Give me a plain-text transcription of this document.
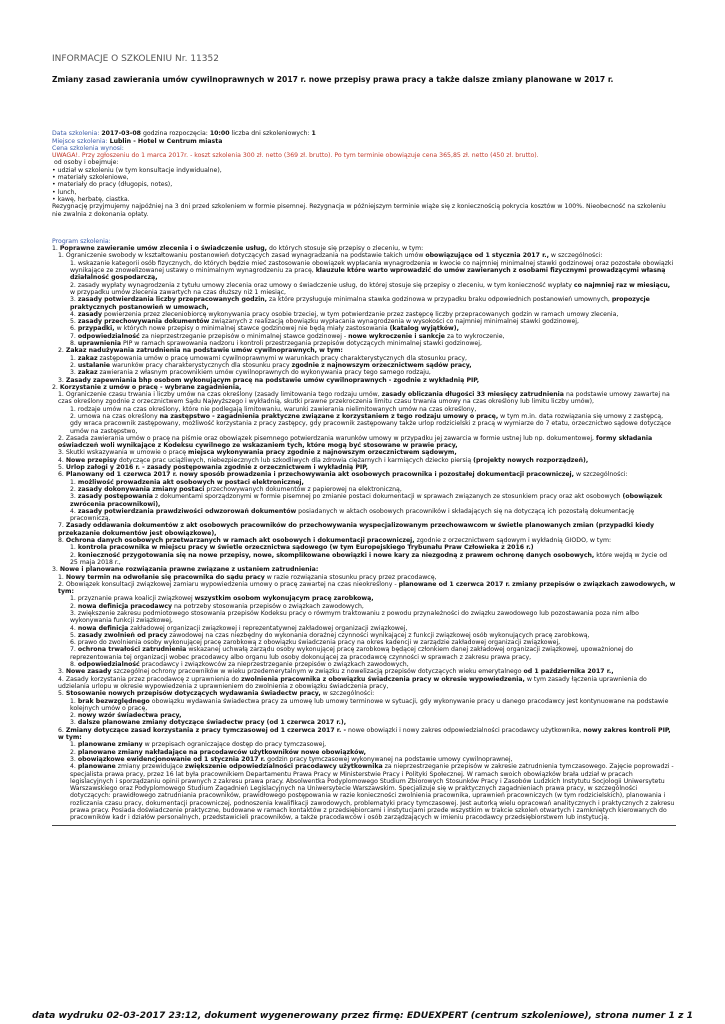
INFORMACJE O SZKOLENIU Nr. 11352
Zmiany zasad zawierania umów cywilnoprawnych w 2017 r. nowe przepisy prawa pracy a także dalsze zmiany planowane w 2017 r.
Data szkolenia: 2017-03-08 godzina rozpoczęcia: 10:00 liczba dni szkoleniowych: 1
Miejsce szkolenia: Lublin - Hotel w Centrum miasta
Cena szkolenia wynosi:
UWAGA!. Przy zgłoszeniu do 1 marca 2017r. - koszt szkolenia 300 zł. netto (369 zł. brutto). Po tym terminie obowiązuje cena 365,85 zł. netto (450 zł. brutto).
od osoby i obejmuje:
• udział w szkoleniu (w tym konsultacje indywidualne),
• materiały szkoleniowe,
• materiały do pracy (długopis, notes),
• lunch,
• kawę, herbatę, ciastka.
Rezygnację przyjmujemy najpóźniej na 3 dni przed szkoleniem w formie pisemnej. Rezygnacja w późniejszym terminie wiąże się z koniecznością pokrycia kosztów w 100%. Nieobecność na szkoleniu nie zwalnia z dokonania opłaty.
Program szkolenia:

1. Poprawne zawieranie umów zlecenia i o świadczenie usług, do których stosuje się przepisy o zleceniu, w tym:

1. Ograniczenie swobody w kształtowaniu postanowień dotyczących zasad wynagradzania na podstawie takich umów obowiązujące od 1 stycznia 2017 r., w szczególności:

1. wskazanie kategorii osób fizycznych, do których będzie mieć zastosowanie obowiązek wypłacania wynagrodzenia w kwocie co najmniej minimalnej stawki godzinowej oraz pozostałe obowiązki wynikające ze znowelizowanej ustawy o minimalnym wynagrodzeniu za pracę, klauzule które warto wprowadzić do umów zawieranych z osobami fizycznymi prowadzącymi własną działalność gospodarczą,

2. zasady wypłaty wynagrodzenia z tytułu umowy zlecenia oraz umowy o świadczenie usług, do której stosuje się przepisy o zleceniu, w tym konieczność wypłaty co najmniej raz w miesiącu, w przypadku umów zlecenia zawartych na czas dłuższy niż 1 miesiąc,

3. zasady potwierdzania liczby przepracowanych godzin, za które przysługuje minimalna stawka godzinowa w przypadku braku odpowiednich postanowień umownych, propozycje praktycznych postanowień w umowach,

4. zasady powierzenia przez zleceniobiorcę wykonywania pracy osobie trzeciej, w tym potwierdzanie przez zastępcę liczby przepracowanych godzin w ramach umowy zlecenia,

5. zasady przechowywania dokumentów związanych z realizacją obowiązku wypłacania wynagrodzenia w wysokości co najmniej minimalnej stawki godzinowej,

6. przypadki, w których nowe przepisy o minimalnej stawce godzinowej nie będą miały zastosowania (katalog wyjątków),

7. odpowiedzialność za nieprzestrzeganie przepisów o minimalnej stawce godzinowej - nowe wykroczenie i sankcje za to wykroczenie,

8. uprawnienia PIP w ramach sprawowania nadzoru i kontroli przestrzegania przepisów dotyczących minimalnej stawki godzinowej,

2. Zakaz nadużywania zatrudnienia na podstawie umów cywilnoprawnych, w tym:

1. zakaz zastępowania umów o pracę umowami cywilnoprawnymi w warunkach pracy charakterystycznych dla stosunku pracy,

2. ustalanie warunków pracy charakterystycznych dla stosunku pracy zgodnie z najnowszym orzecznictwem sądów pracy,

3. zakaz zawierania z własnym pracownikiem umów cywilnoprawnych do wykonywania pracy tego samego rodzaju,

3. Zasady zapewniania bhp osobom wykonującym pracę na podstawie umów cywilnoprawnych - zgodnie z wykładnią PIP,

2. Korzystanie z umów o pracę - wybrane zagadnienia,

1. Ograniczenie czasu trwania i liczby umów na czas określony (zasady limitowania tego rodzaju umów, zasady obliczania długości 33 miesięcy zatrudnienia na podstawie umowy zawartej na czas określony zgodnie z orzecznictwem Sądu Najwyższego i wykładnią, skutki prawne przekroczenia limitu czasu trwania umowy na czas określony lub limitu liczby umów),

1. rodzaje umów na czas określony, które nie podlegają limitowaniu, warunki zawierania nielimitowanych umów na czas określony,

2. umowa na czas określony na zastępstwo - zagadnienia praktyczne związane z korzystaniem z tego rodzaju umowy o pracę, w tym m.in. data rozwiązania się umowy z zastępcą, gdy wraca pracownik zastępowany, możliwość korzystania z pracy zastępcy, gdy pracownik zastępowany także urlop rodzicielski z pracą w wymiarze do 7 etatu, orzecznictwo sądowe dotyczące umów na zastępstwo,

2. Zasada zawierania umów o pracę na piśmie oraz obowiązek pisemnego potwierdzania warunków umowy w przypadku jej zawarcia w formie ustnej lub np. dokumentowej, formy składania oświadczeń woli wynikające z Kodeksu cywilnego ze wskazaniem tych, które mogą być stosowane w prawie pracy,

3. Skutki wskazywania w umowie o pracę miejsca wykonywania pracy zgodnie z najnowszym orzecznictwem sądowym,

4. Nowe przepisy dotyczące prac uciążliwych, niebezpiecznych lub szkodliwych dla zdrowia ciężarnych i karmiących dziecko piersią (projekty nowych rozporządzeń),

5. Urlop załogi y 2016 r. - zasady postępowania zgodnie z orzecznictwem i wykładnią PIP,

6. Planowany od 1 czerwca 2017 r. nowy sposób prowadzenia i przechowywania akt osobowych pracownika i pozostałej dokumentacji pracowniczej, w szczególności:

1. możliwość prowadzenia akt osobowych w postaci elektronicznej,

2. zasady dokonywania zmiany postaci przechowywanych dokumentów z papierowej na elektroniczną,

3. zasady postępowania z dokumentami sporządzonymi w formie pisemnej po zmianie postaci dokumentacji w sprawach związanych ze stosunkiem pracy oraz akt osobowych (obowiązek zwrócenia pracownikowi),

4. zasady potwierdzania prawdziwości odwzorowań dokumentów posiadanych w aktach osobowych pracowników i składających się na dotyczącą ich pozostałą dokumentację pracowniczą,

7. Zasady oddawania dokumentów z akt osobowych pracowników do przechowywania wyspecjalizowanym przechowawcom w świetle planowanych zmian (przypadki kiedy przekazanie dokumentów jest obowiązkowe),

8. Ochrona danych osobowych przetwarzanych w ramach akt osobowych i dokumentacji pracowniczej, zgodnie z orzecznictwem sądowym i wykładnią GIODO, w tym:

1. kontrola pracownika w miejscu pracy w świetle orzecznictwa sądowego (w tym Europejskiego Trybunału Praw Człowieka z 2016 r.)

2. konieczność przygotowania się na nowe przepisy, nowe, skomplikowane obowiązki i nowe kary za niezgodną z prawem ochronę danych osobowych, które wejdą w życie od 25 maja 2018 r.,

3. Nowe i planowane rozwiązania prawne związane z ustaniem zatrudnienia:

1. Nowy termin na odwołanie się pracownika do sądu pracy w razie rozwiązania stosunku pracy przez pracodawcę,

2. Obowiązek konsultacji związkowej zamiaru wypowiedzenia umowy o pracę zawartej na czas nieokreślony - planowane od 1 czerwca 2017 r. zmiany przepisów o związkach zawodowych, w tym:

1. przyznanie prawa koalicji związkowej wszystkim osobom wykonującym pracę zarobkową,

2. nowa definicja pracodawcy na potrzeby stosowania przepisów o związkach zawodowych,

3. zwiększenie zakresu podmiotowego stosowania przepisów Kodeksu pracy o rówmym traktowaniu z powodu przynależności do związku zawodowego lub pozostawania poza nim albo wykonywania funkcji związkowej,

4. nowa definicja zakładowej organizacji związkowej i reprezentatywnej zakładowej organizacji związkowej,

5. zasady zwolnień od pracy zawodowej na czas niezbędny do wykonania doraźnej czynności wynikającej z funkcji związkowej osób wykonujących pracę zarobkową,

6. prawo do zwolnienia osoby wykonującej pracę zarobkową z obowiązku świadczenia pracy na okres kadencji w zarządzie zakładowej organizacji związkowej,

7. ochrona trwałości zatrudnienia wskazanej uchwałą zarządu osoby wykonującej pracę zarobkową będącej członkiem danej zakładowej organizacji związkowej, upoważnionej do reprezentowania tej organizacji wobec pracodawcy albo organu lub osoby dokonującej za pracodawcę czynności w sprawach z zakresu prawa pracy,

8. odpowiedzialność pracodawcy i związkowców za nieprzestrzeganie przepisów o związkach zawodowych,

3. Nowe zasady szczególnej ochrony pracowników w wieku przedemerytalnym w związku z nowelizacją przepisów dotyczących wieku emerytalnego od 1 października 2017 r.,

4. Zasady korzystania przez pracodawcę z uprawnienia do zwolnienia pracownika z obowiązku świadczenia pracy w okresie wypowiedzenia, w tym zasady łączenia uprawnienia do udzielania urlopu w okresie wypowiedzenia z uprawnieniem do zwolnienia z obowiązku świadczenia pracy,

5. Stosowanie nowych przepisów dotyczących wydawania świadectw pracy, w szczególności:

1. brak bezwzględnego obowiązku wydawania świadectwa pracy za umowę lub umowy terminowe w sytuacji, gdy wykonywanie pracy u danego pracodawcy jest kontynuowane na podstawie kolejnych umów o pracę,

2. nowy wzór świadectwa pracy,

3. dalsze planowane zmiany dotyczące świadectw pracy (od 1 czerwca 2017 r.),

6. Zmiany dotyczące zasad korzystania z pracy tymczasowej od 1 czerwca 2017 r. - nowe obowiązki i nowy zakres odpowiedzialności pracodawcy użytkownika, nowy zakres kontroli PIP, w tym:

1. planowane zmiany w przepisach ograniczające dostęp do pracy tymczasowej,

2. planowane zmiany nakładające na pracodawców użytkowników nowe obowiązków,

3. obowiązkowe ewidencjonowanie od 1 stycznia 2017 r. godzin pracy tymczasowej wykonywanej na podstawie umowy cywilnoprawnej,

4. planowane zmiany przewidujące zwiększenie odpowiedzialności pracodawcy użytkownika za nieprzestrzeganie przepisów w zakresie zatrudnienia tymczasowego. Zajęcie poprowadzi - specjalista prawa pracy, przez 16 lat była pracownikiem Departamentu Prawa Pracy w Ministerstwie Pracy i Polityki Społecznej. W ramach swoich obowiązków brała udział w pracach legislacyjnych i sporządzaniu opinii prawnych z zakresu prawa pracy. Absolwentka Podyplomowego Studium Zbiorowych Stosunków Pracy i Zasobów Ludzkich Instytutu Socjologii Uniwersytetu Warszawskiego oraz Podyplomowego Studium Zagadnień Legislacyjnych na Uniwersytecie Warszawskim. Specjalizuje się w praktycznych zagadnieniach prawa pracy, w szczególności dotyczących: prawidłowego zatrudniania pracowników, prawidłowego postępowania w razie konieczności zwolnienia pracownika, uprawnień pracowniczych (w tym rodzicielskich), planowania i rozliczania czasu pracy, dokumentacji pracowniczej, podnoszenia kwalifikacji zawodowych, problematyki pracy tymczasowej. Jest autorką wielu opracowań analitycznych i praktycznych z zakresu prawa pracy. Posiada doświadczenie praktyczne, budowane w ramach kontaktów z przedsiębiorcami i instytucjami przede wszystkim w trakcie szkoleń otwartych i zamkniętych kierowanych do pracowników kadr i działów personalnych, przedstawicieli pracowników, a także pracodawców i osób zarządzających w imieniu pracodawcy przedsiębiorstwem lub instytucją.

data wydruku 02-03-2017 23:12, dokument wygenerowany przez firmę: EDUEXPERT (centrum szkoleniowe), strona numer 1 z 1
